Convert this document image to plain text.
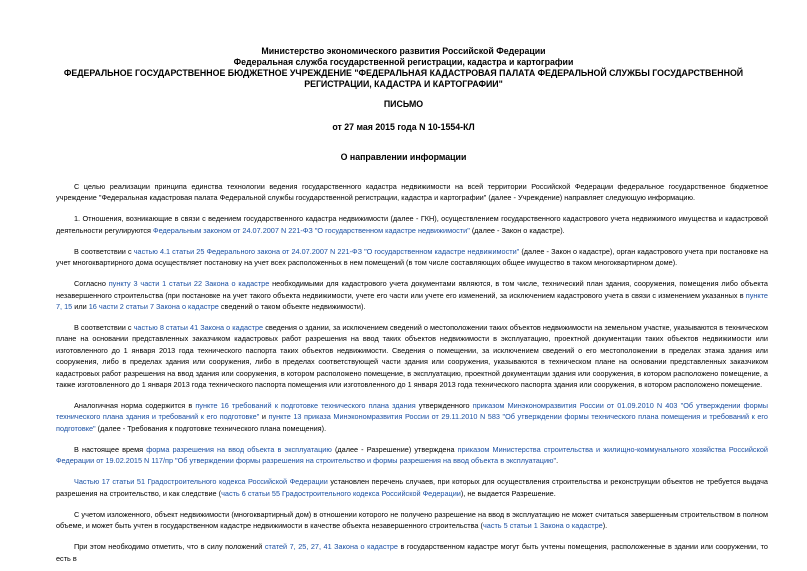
Министерство экономического развития Российской Федерации
Федеральная служба государственной регистрации, кадастра и картографии
ФЕДЕРАЛЬНОЕ ГОСУДАРСТВЕННОЕ БЮДЖЕТНОЕ УЧРЕЖДЕНИЕ "ФЕДЕРАЛЬНАЯ КАДАСТРОВАЯ ПАЛАТА ФЕДЕРАЛЬНОЙ СЛУЖБЫ ГОСУДАРСТВЕННОЙ
РЕГИСТРАЦИИ, КАДАСТРА И КАРТОГРАФИИ"
ПИСЬМО
от 27 мая 2015 года N 10-1554-КЛ
О направлении информации

С целью реализации принципа единства технологии ведения государственного кадастра недвижимости на всей территории Российской Федерации федеральное государственное бюджетное учреждение "Федеральная кадастровая палата Федеральной службы государственной регистрации, кадастра и картографии" (далее - Учреждение) направляет следующую информацию.

1. Отношения, возникающие в связи с ведением государственного кадастра недвижимости (далее - ГКН), осуществлением государственного кадастрового учета недвижимого имущества и кадастровой деятельности регулируются Федеральным законом от 24.07.2007 N 221-ФЗ "О государственном кадастре недвижимости" (далее - Закон о кадастре).

В соответствии с частью 4.1 статьи 25 Федерального закона от 24.07.2007 N 221-ФЗ "О государственном кадастре недвижимости" (далее - Закон о кадастре), орган кадастрового учета при постановке на учет многоквартирного дома осуществляет постановку на учет всех расположенных в нем помещений (в том числе составляющих общее имущество в таком многоквартирном доме).

Согласно пункту 3 части 1 статьи 22 Закона о кадастре необходимыми для кадастрового учета документами являются, в том числе, технический план здания, сооружения, помещения либо объекта незавершенного строительства (при постановке на учет такого объекта недвижимости, учете его части или учете его изменений, за исключением кадастрового учета в связи с изменением указанных в пункте 7, 15 или 16 части 2 статьи 7 Закона о кадастре сведений о таком объекте недвижимости).

В соответствии с частью 8 статьи 41 Закона о кадастре сведения о здании, за исключением сведений о местоположении таких объектов недвижимости на земельном участке, указываются в техническом плане на основании представленных заказчиком кадастровых работ разрешения на ввод таких объектов недвижимости в эксплуатацию, проектной документации таких объектов недвижимости или изготовленного до 1 января 2013 года технического паспорта таких объектов недвижимости. Сведения о помещении, за исключением сведений о его местоположении в пределах этажа здания или сооружения, либо в пределах здания или сооружения, либо в пределах соответствующей части здания или сооружения, указываются в техническом плане на основании представленных заказчиком кадастровых работ разрешения на ввод здания или сооружения, в котором расположено помещение, в эксплуатацию, проектной документации здания или сооружения, в котором расположено помещение, а также изготовленного до 1 января 2013 года технического паспорта помещения или изготовленного до 1 января 2013 года технического паспорта здания или сооружения, в котором расположено помещение.

Аналогичная норма содержится в пункте 16 требований к подготовке технического плана здания утвержденного приказом Минэкономразвития России от 01.09.2010 N 403 "Об утверждении формы технического плана здания и требований к его подготовке" и пункте 13 приказа Минэкономразвития России от 29.11.2010 N 583 "Об утверждении формы технического плана помещения и требований к его подготовке" (далее - Требования к подготовке технического плана помещения).

В настоящее время форма разрешения на ввод объекта в эксплуатацию (далее - Разрешение) утверждена приказом Министерства строительства и жилищно-коммунального хозяйства Российской Федерации от 19.02.2015 N 117/пр "Об утверждении формы разрешения на строительство и формы разрешения на ввод объекта в эксплуатацию".

Частью 17 статьи 51 Градостроительного кодекса Российской Федерации установлен перечень случаев, при которых для осуществления строительства и реконструкции объектов не требуется выдача разрешения на строительство, и как следствие (часть 6 статьи 55 Градостроительного кодекса Российской Федерации), не выдается Разрешение.

С учетом изложенного, объект недвижимости (многоквартирный дом) в отношении которого не получено разрешение на ввод в эксплуатацию не может считаться завершенным строительством в полном объеме, и может быть учтен в государственном кадастре недвижимости в качестве объекта незавершенного строительства (часть 5 статьи 1 Закона о кадастре).

При этом необходимо отметить, что в силу положений статей 7, 25, 27, 41 Закона о кадастре в государственном кадастре могут быть учтены помещения, расположенные в здании или сооружении, то есть в
